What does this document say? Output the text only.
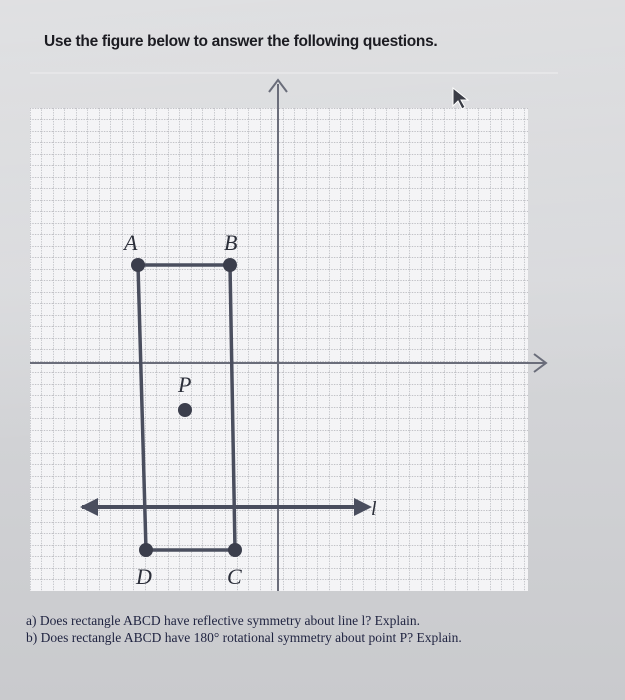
Use the figure below to answer the following questions.
A	B
C
D
P
l
a) Does rectangle ABCD have reflective symmetry about line l? Explain.
b) Does rectangle ABCD have 180° rotational symmetry about point P? Explain.
